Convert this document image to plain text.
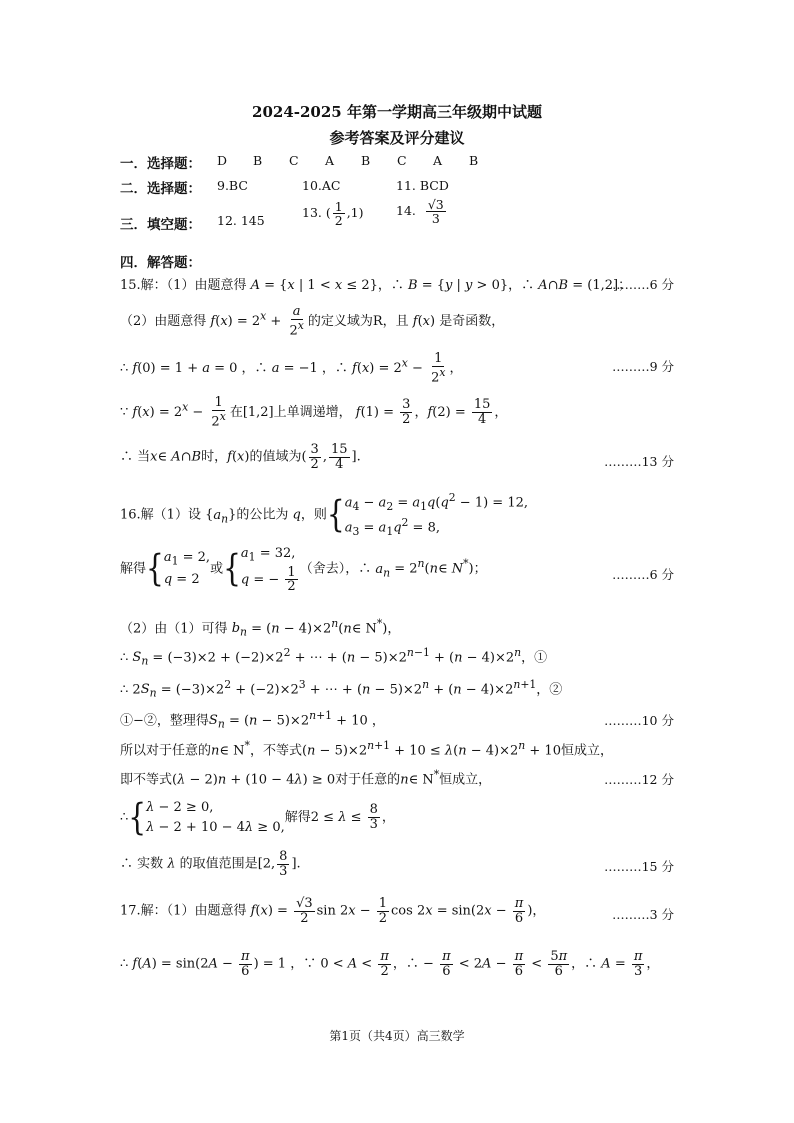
2024-2025 年第一学期高三年级期中试题
参考答案及评分建议
一．选择题： D B C A B C A B
二．选择题： 9.BC	10.AC	11. BCD
三．填空题： 12. 145
13. ( $\frac{1}{2} ,1$)	14. $\frac{√3}{3}$
四．解答题：
15.解：（1）由题意得 A = {x | 1 < x ≤ 2}，∴ B = {y | y > 0}，∴ A∩B = (1,2]；
………6 分
（2）由题意得 $f(x) = 2^x + \frac{a}{2^x}$ 的定义域为R，且 f(x) 是奇函数，
∴ f(0) = 1 + a = 0 ，∴ a = −1 ，∴ $f(x) = 2^x - \frac{1}{2^x}$ ，	………9 分
∵ $f(x) = 2^x - \frac{1}{2^x}$ 在[1,2]上单调递增， $f(1) = \frac{3}{2}$ ，$f(2) = \frac{15}{4}$ ，
∴ 当x∈ A∩B时，f(x)的值域为( $\frac{3}{2}$ , $\frac{15}{4}$ ].	………13 分
16.解（1）设 $\{a_n\}$的公比为 q，则{ $a_4 - a_2 = a_1q(q^2 - 1) = 12$,
$a_3 = a_1q^2 = 8$,
解得{ $a_1 = 2$,
q = 2
或{ $a_1 = 32$,
q = − $\frac{1}{2}$ （舍去），∴ $a_n$ = $2^n(n\in$ N*)；	………6 分
（2）由（1）可得 $b_n = (n$ − $4)\times 2^n(n\in$ N*)，
∴ $S_n = (-3)\times 2 + (-2)\times 2^2$ + ⋯ + $(n - 5)\times 2^{n-1} + (n - 4)\times 2^n$，①
∴ $2S_n = (-3)\times 2^2 + (-2)\times 2^3$ + ⋯ + $(n - 5)\times 2^n + (n - 4)\times 2^{n+1}$，②
①−②，整理得$S_n = (n - 5)\times 2^{n+1} + 10$ ，	………10 分
所以对于任意的n∈ N*，不等式$(n - 5)\times 2^{n+1} + 10 \le \lambda(n - 4)\times 2^n + 10$恒成立，
即不等式(λ − 2)n + (10 − 4λ) ≥ 0对于任意的n∈ N*恒成立，	………12 分
∴{ λ − 2 ≥ 0,
λ − 2 + 10 − 4λ ≥ 0,
解得$2 \le \lambda \le \frac{8}{3}$ ，
∴ 实数 λ 的取值范围是[2, $\frac{8}{3}$ ].	………15 分
17.解：（1）由题意得 $f(x) = \frac{√3}{2}$ $\sin 2x - \frac{1}{2}$ $\cos 2x = \sin(2x - \frac{\pi}{6}$ )，	………3 分
∴ $f(A) = \sin(2A - \frac{\pi}{6}$ ) = 1 ，∵ $0 < A < \frac{\pi}{2}$ ，∴ − $\frac{\pi}{6} < 2A - \frac{\pi}{6} < \frac{5\pi}{6}$ ，∴ $A = \frac{\pi}{3}$ ，
第1页（共4页）高三数学
